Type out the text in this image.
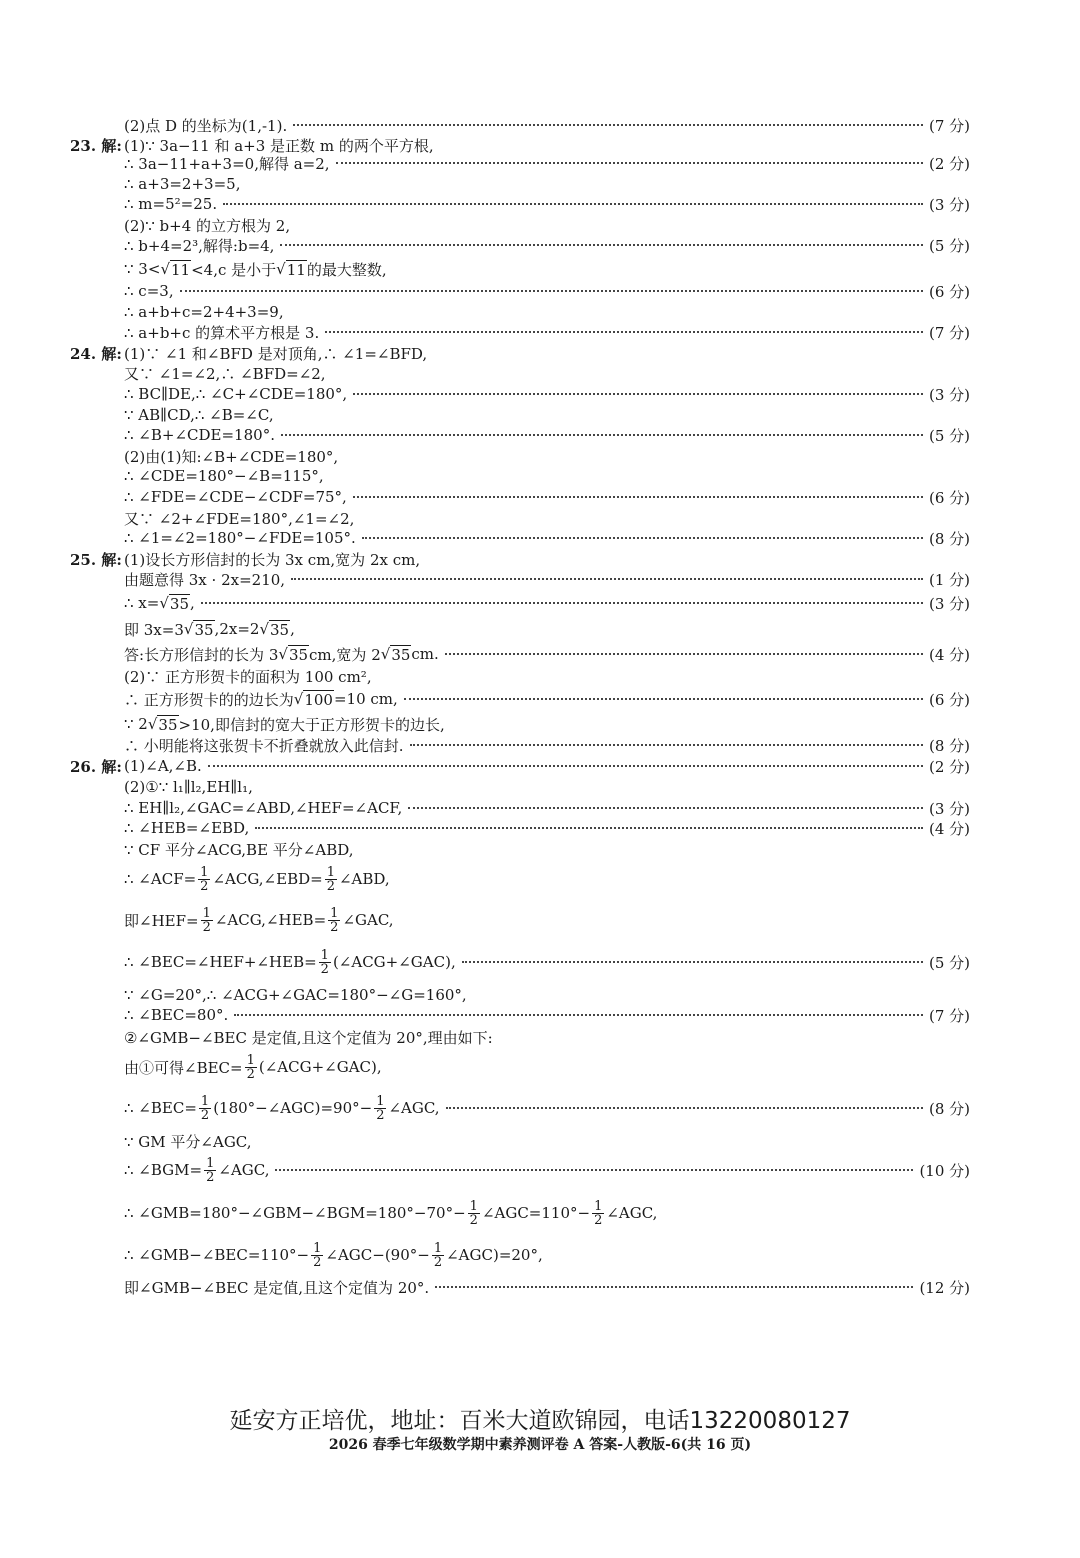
(2)点 D 的坐标为(1,-1).	(7 分)
23. 解: (1)∵ 3a−11 和 a+3 是正数 m 的两个平方根,
∴ 3a−11+a+3=0,解得 a=2,	(2 分)
∴ a+3=2+3=5,
∴ m=5²=25.	(3 分)
(2)∵ b+4 的立方根为 2,
∴ b+4=2³,解得:b=4,	(5 分)
∵ 3< √ 11 <4,c 是小于 √ 11 的最大整数,
∴ c=3,	(6 分)
∴ a+b+c=2+4+3=9,
∴ a+b+c 的算术平方根是 3.	(7 分)
24. 解: (1)∵ ∠1 和∠BFD 是对顶角,∴ ∠1=∠BFD,
又∵ ∠1=∠2,∴ ∠BFD=∠2,
∴ BC∥DE,∴ ∠C+∠CDE=180°,	(3 分)
∵ AB∥CD,∴ ∠B=∠C,
∴ ∠B+∠CDE=180°.	(5 分)
(2)由(1)知:∠B+∠CDE=180°,
∴ ∠CDE=180°−∠B=115°,
∴ ∠FDE=∠CDE−∠CDF=75°,	(6 分)
又∵ ∠2+∠FDE=180°,∠1=∠2,
∴ ∠1=∠2=180°−∠FDE=105°.	(8 分)
25. 解: (1)设长方形信封的长为 3x cm,宽为 2x cm,
由题意得 3x · 2x=210,	(1 分)
∴ x= √ 35 ,	(3 分)
即 3x=3 √ 35 ,2x=2 √ 35 ,
答:长方形信封的长为 3 √ 35 cm,宽为 2 √ 35 cm.	(4 分)
(2)∵ 正方形贺卡的面积为 100 cm²,
∴ 正方形贺卡的的边长为 √ 100 =10 cm,	(6 分)
∵ 2 √ 35 >10,即信封的宽大于正方形贺卡的边长,
∴ 小明能将这张贺卡不折叠就放入此信封.	(8 分)
26. 解: (1)∠A,∠B.	(2 分)
(2)①∵ l₁∥l₂,EH∥l₁,
∴ EH∥l₂,∠GAC=∠ABD,∠HEF=∠ACF,	(3 分)
∴ ∠HEB=∠EBD,	(4 分)
∵ CF 平分∠ACG,BE 平分∠ABD,
∴ ∠ACF= $\frac{1}{2}$ ∠ACG,∠EBD= $\frac{1}{2}$ ∠ABD,
即∠HEF= $\frac{1}{2}$ ∠ACG,∠HEB= $\frac{1}{2}$ ∠GAC,
∴ ∠BEC=∠HEF+∠HEB= $\frac{1}{2}$ (∠ACG+∠GAC),	(5 分)
∵ ∠G=20°,∴ ∠ACG+∠GAC=180°−∠G=160°,
∴ ∠BEC=80°.	(7 分)
②∠GMB−∠BEC 是定值,且这个定值为 20°,理由如下:
由①可得∠BEC= $\frac{1}{2}$ (∠ACG+∠GAC),
∴ ∠BEC= $\frac{1}{2}$ (180°−∠AGC)=90°− $\frac{1}{2}$ ∠AGC,	(8 分)
∵ GM 平分∠AGC,
∴ ∠BGM= $\frac{1}{2}$ ∠AGC,	(10 分)
∴ ∠GMB=180°−∠GBM−∠BGM=180°−70°− $\frac{1}{2}$ ∠AGC=110°− $\frac{1}{2}$ ∠AGC,
∴ ∠GMB−∠BEC=110°− $\frac{1}{2}$ ∠AGC−(90°− $\frac{1}{2}$ ∠AGC)=20°,
即∠GMB−∠BEC 是定值,且这个定值为 20°.	(12 分)
延安方正培优，地址：百米大道欧锦园，电话13220080127
2026 春季七年级数学期中素养测评卷 A 答案-人教版-6(共 16 页)
